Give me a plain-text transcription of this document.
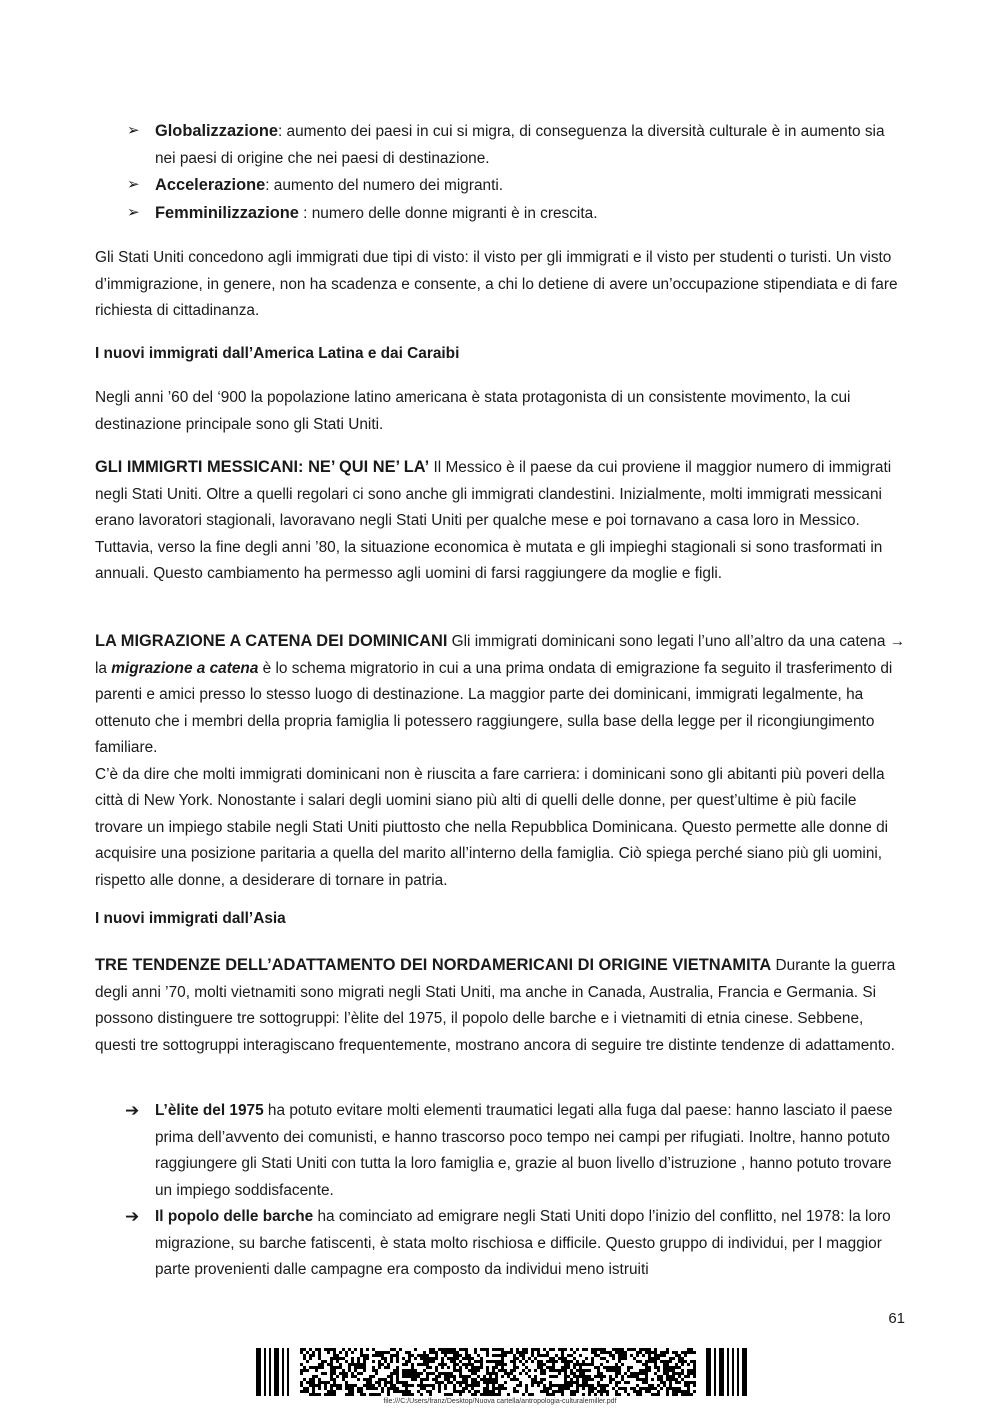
➢ Globalizzazione: aumento dei paesi in cui si migra, di conseguenza la diversità culturale è in aumento sia nei paesi di origine che nei paesi di destinazione.
➢ Accelerazione: aumento del numero dei migranti.
➢ Femminilizzazione : numero delle donne migranti è in crescita.

Gli Stati Uniti concedono agli immigrati due tipi di visto: il visto per gli immigrati e il visto per studenti o turisti. Un visto d’immigrazione, in genere, non ha scadenza e consente, a chi lo detiene di avere un’occupazione stipendiata e di fare richiesta di cittadinanza.

I nuovi immigrati dall’America Latina e dai Caraibi

Negli anni ’60 del ‘900 la popolazione latino americana è stata protagonista di un consistente movimento, la cui destinazione principale sono gli Stati Uniti.

GLI IMMIGRTI MESSICANI: NE’ QUI NE’ LA’ Il Messico è il paese da cui proviene il maggior numero di immigrati negli Stati Uniti. Oltre a quelli regolari ci sono anche gli immigrati clandestini. Inizialmente, molti immigrati messicani erano lavoratori stagionali, lavoravano negli Stati Uniti per qualche mese e poi tornavano a casa loro in Messico. Tuttavia, verso la fine degli anni ’80, la situazione economica è mutata e gli impieghi stagionali si sono trasformati in annuali. Questo cambiamento ha permesso agli uomini di farsi raggiungere da moglie e figli.

LA MIGRAZIONE A CATENA DEI DOMINICANI Gli immigrati dominicani sono legati l’uno all’altro da una catena → la migrazione a catena è lo schema migratorio in cui a una prima ondata di emigrazione fa seguito il trasferimento di parenti e amici presso lo stesso luogo di destinazione. La maggior parte dei dominicani, immigrati legalmente, ha ottenuto che i membri della propria famiglia li potessero raggiungere, sulla base della legge per il ricongiungimento familiare.

C’è da dire che molti immigrati dominicani non è riuscita a fare carriera: i dominicani sono gli abitanti più poveri della città di New York. Nonostante i salari degli uomini siano più alti di quelli delle donne, per quest’ultime è più facile trovare un impiego stabile negli Stati Uniti piuttosto che nella Repubblica Dominicana. Questo permette alle donne di acquisire una posizione paritaria a quella del marito all’interno della famiglia. Ciò spiega perché siano più gli uomini, rispetto alle donne, a desiderare di tornare in patria.

I nuovi immigrati dall’Asia

TRE TENDENZE DELL’ADATTAMENTO DEI NORDAMERICANI DI ORIGINE VIETNAMITA Durante la guerra degli anni ’70, molti vietnamiti sono migrati negli Stati Uniti, ma anche in Canada, Australia, Francia e Germania. Si possono distinguere tre sottogruppi: l’èlite del 1975, il popolo delle barche e i vietnamiti di etnia cinese. Sebbene, questi tre sottogruppi interagiscano frequentemente, mostrano ancora di seguire tre distinte tendenze di adattamento.

➔ L’èlite del 1975 ha potuto evitare molti elementi traumatici legati alla fuga dal paese: hanno lasciato il paese prima dell’avvento dei comunisti, e hanno trascorso poco tempo nei campi per rifugiati. Inoltre, hanno potuto raggiungere gli Stati Uniti con tutta la loro famiglia e, grazie al buon livello d’istruzione , hanno potuto trovare un impiego soddisfacente.
➔ Il popolo delle barche ha cominciato ad emigrare negli Stati Uniti dopo l’inizio del conflitto, nel 1978: la loro migrazione, su barche fatiscenti, è stata molto rischiosa e difficile. Questo gruppo di individui, per l maggior parte provenienti dalle campagne era composto da individui meno istruiti
61
file:///C:/Users/franz/Desktop/Nuova cartella/antropologia-culturalemiller.pdf
